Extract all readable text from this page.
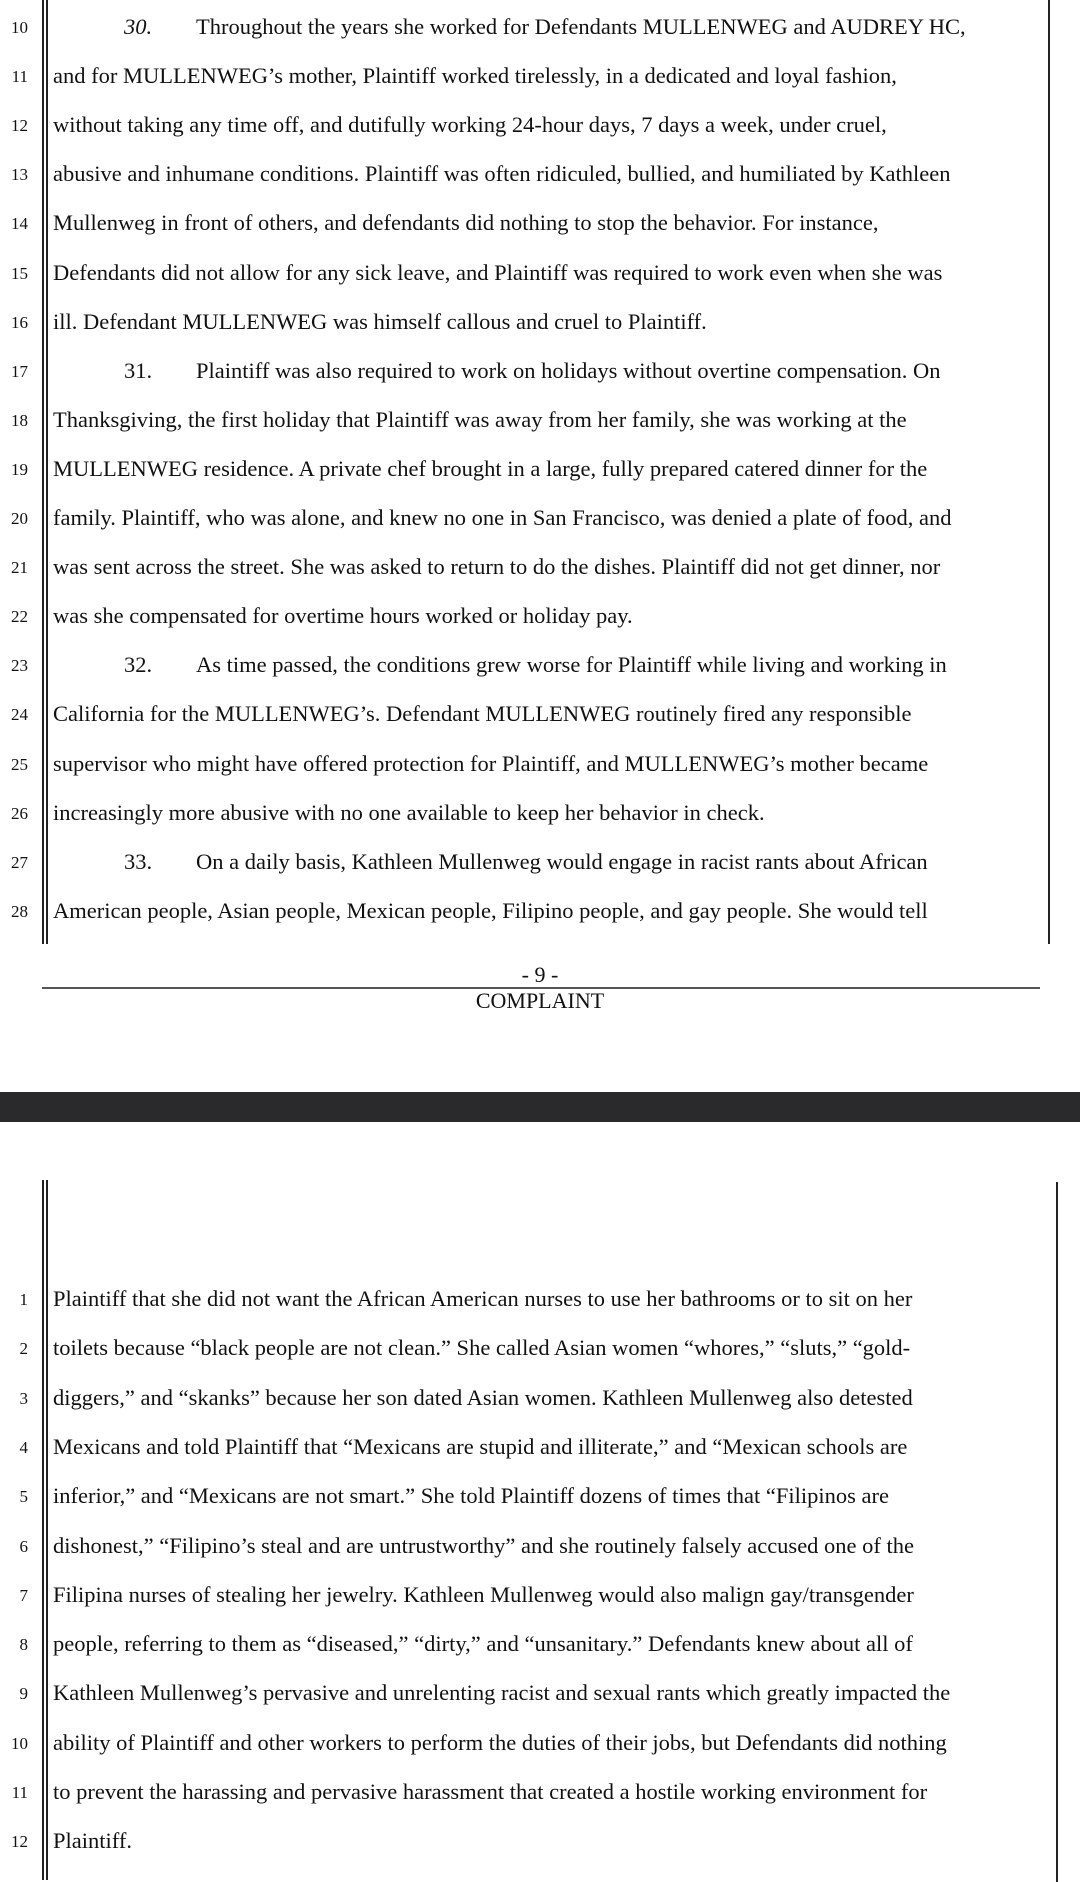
10	30. Throughout the years she worked for Defendants MULLENWEG and AUDREY HC,
11 and for MULLENWEG’s mother, Plaintiff worked tirelessly, in a dedicated and loyal fashion,
12 without taking any time off, and dutifully working 24-hour days, 7 days a week, under cruel,
13 abusive and inhumane conditions. Plaintiff was often ridiculed, bullied, and humiliated by Kathleen
14 Mullenweg in front of others, and defendants did nothing to stop the behavior. For instance,
15 Defendants did not allow for any sick leave, and Plaintiff was required to work even when she was
16 ill. Defendant MULLENWEG was himself callous and cruel to Plaintiff.
17	31. Plaintiff was also required to work on holidays without overtine compensation. On
18 Thanksgiving, the first holiday that Plaintiff was away from her family, she was working at the
19 MULLENWEG residence. A private chef brought in a large, fully prepared catered dinner for the
20 family. Plaintiff, who was alone, and knew no one in San Francisco, was denied a plate of food, and
21 was sent across the street. She was asked to return to do the dishes. Plaintiff did not get dinner, nor
22 was she compensated for overtime hours worked or holiday pay.
23	32. As time passed, the conditions grew worse for Plaintiff while living and working in
24 California for the MULLENWEG’s. Defendant MULLENWEG routinely fired any responsible
25 supervisor who might have offered protection for Plaintiff, and MULLENWEG’s mother became
26 increasingly more abusive with no one available to keep her behavior in check.
27	33. On a daily basis, Kathleen Mullenweg would engage in racist rants about African
28 American people, Asian people, Mexican people, Filipino people, and gay people. She would tell
- 9 -
COMPLAINT
1 Plaintiff that she did not want the African American nurses to use her bathrooms or to sit on her
2 toilets because “black people are not clean.” She called Asian women “whores,” “sluts,” “gold-
3 diggers,” and “skanks” because her son dated Asian women. Kathleen Mullenweg also detested
4 Mexicans and told Plaintiff that “Mexicans are stupid and illiterate,” and “Mexican schools are
5 inferior,” and “Mexicans are not smart.” She told Plaintiff dozens of times that “Filipinos are
6 dishonest,” “Filipino’s steal and are untrustworthy” and she routinely falsely accused one of the
7 Filipina nurses of stealing her jewelry. Kathleen Mullenweg would also malign gay/transgender
8 people, referring to them as “diseased,” “dirty,” and “unsanitary.” Defendants knew about all of
9 Kathleen Mullenweg’s pervasive and unrelenting racist and sexual rants which greatly impacted the
10 ability of Plaintiff and other workers to perform the duties of their jobs, but Defendants did nothing
11 to prevent the harassing and pervasive harassment that created a hostile working environment for
12 Plaintiff.
